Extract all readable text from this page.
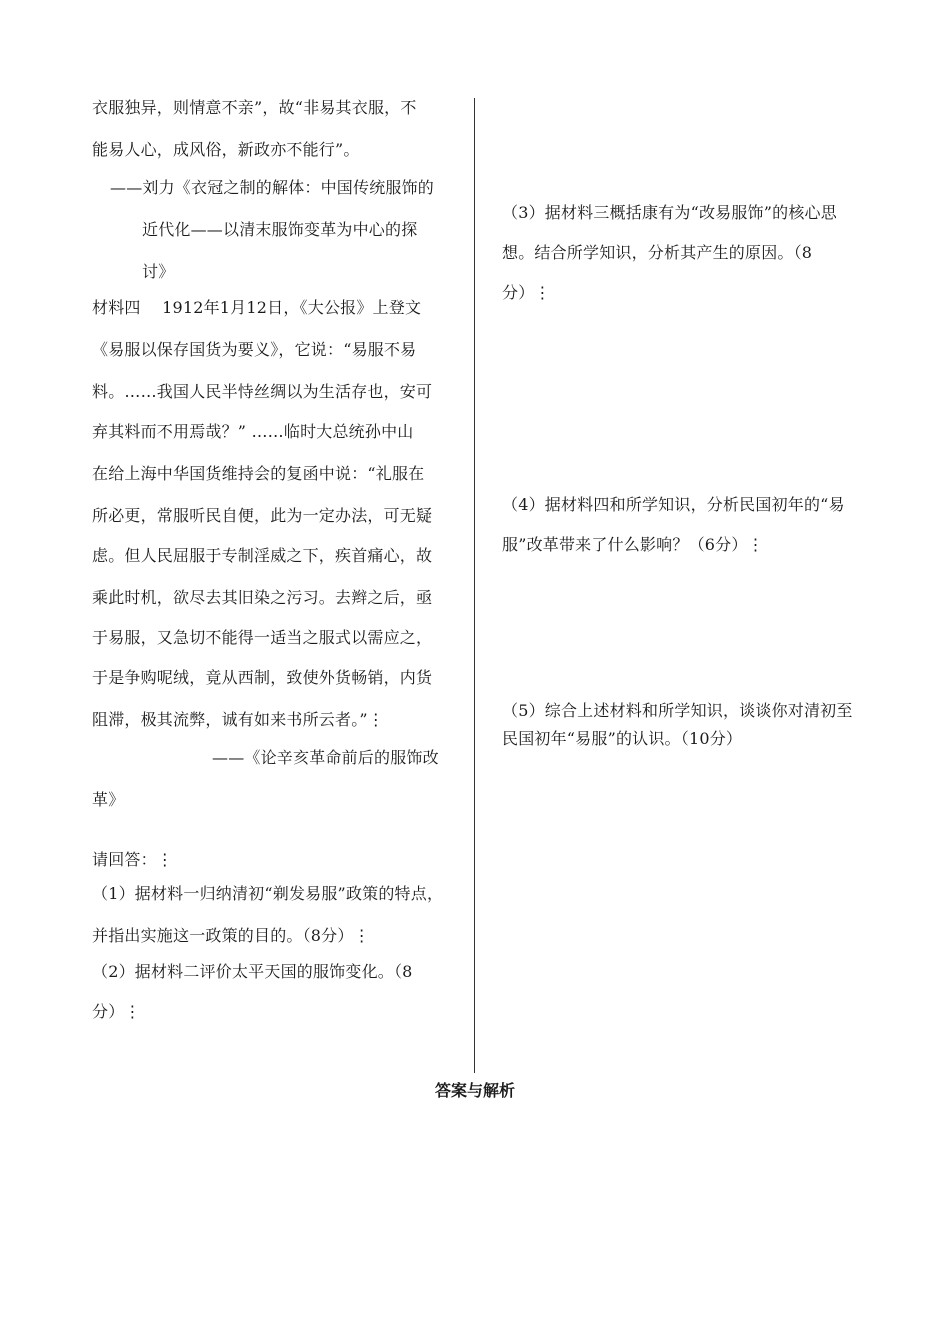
衣服独异，则情意不亲”，故“非易其衣服，不
能易人心，成风俗，新政亦不能行”。
——刘力《衣冠之制的解体：中国传统服饰的
近代化——以清末服饰变革为中心的探
讨》
材料四　 1912年1月12日，《大公报》上登文
《易服以保存国货为要义》，它说：“易服不易
料。……我国人民半恃丝绸以为生活存也，安可
弃其料而不用焉哉？” ……临时大总统孙中山
在给上海中华国货维持会的复函中说：“礼服在
所必更，常服听民自便，此为一定办法，可无疑
虑。但人民屈服于专制淫威之下，疾首痛心，故
乘此时机，欲尽去其旧染之污习。去辫之后，亟
于易服，又急切不能得一适当之服式以需应之，
于是争购呢绒，竟从西制，致使外货畅销，内货
阻滞，极其流弊，诚有如来书所云者。”⋮
——《论辛亥革命前后的服饰改
革》
请回答：⋮
（1）据材料一归纳清初“剃发易服”政策的特点，
并指出实施这一政策的目的。（8分）⋮
（2）据材料二评价太平天国的服饰变化。（8
分）⋮
（3）据材料三概括康有为“改易服饰”的核心思
想。结合所学知识，分析其产生的原因。（8
分）⋮
（4）据材料四和所学知识，分析民国初年的“易
服”改革带来了什么影响？（6分）⋮
（5）综合上述材料和所学知识，谈谈你对清初至
民国初年“易服”的认识。（10分）
答案与解析
